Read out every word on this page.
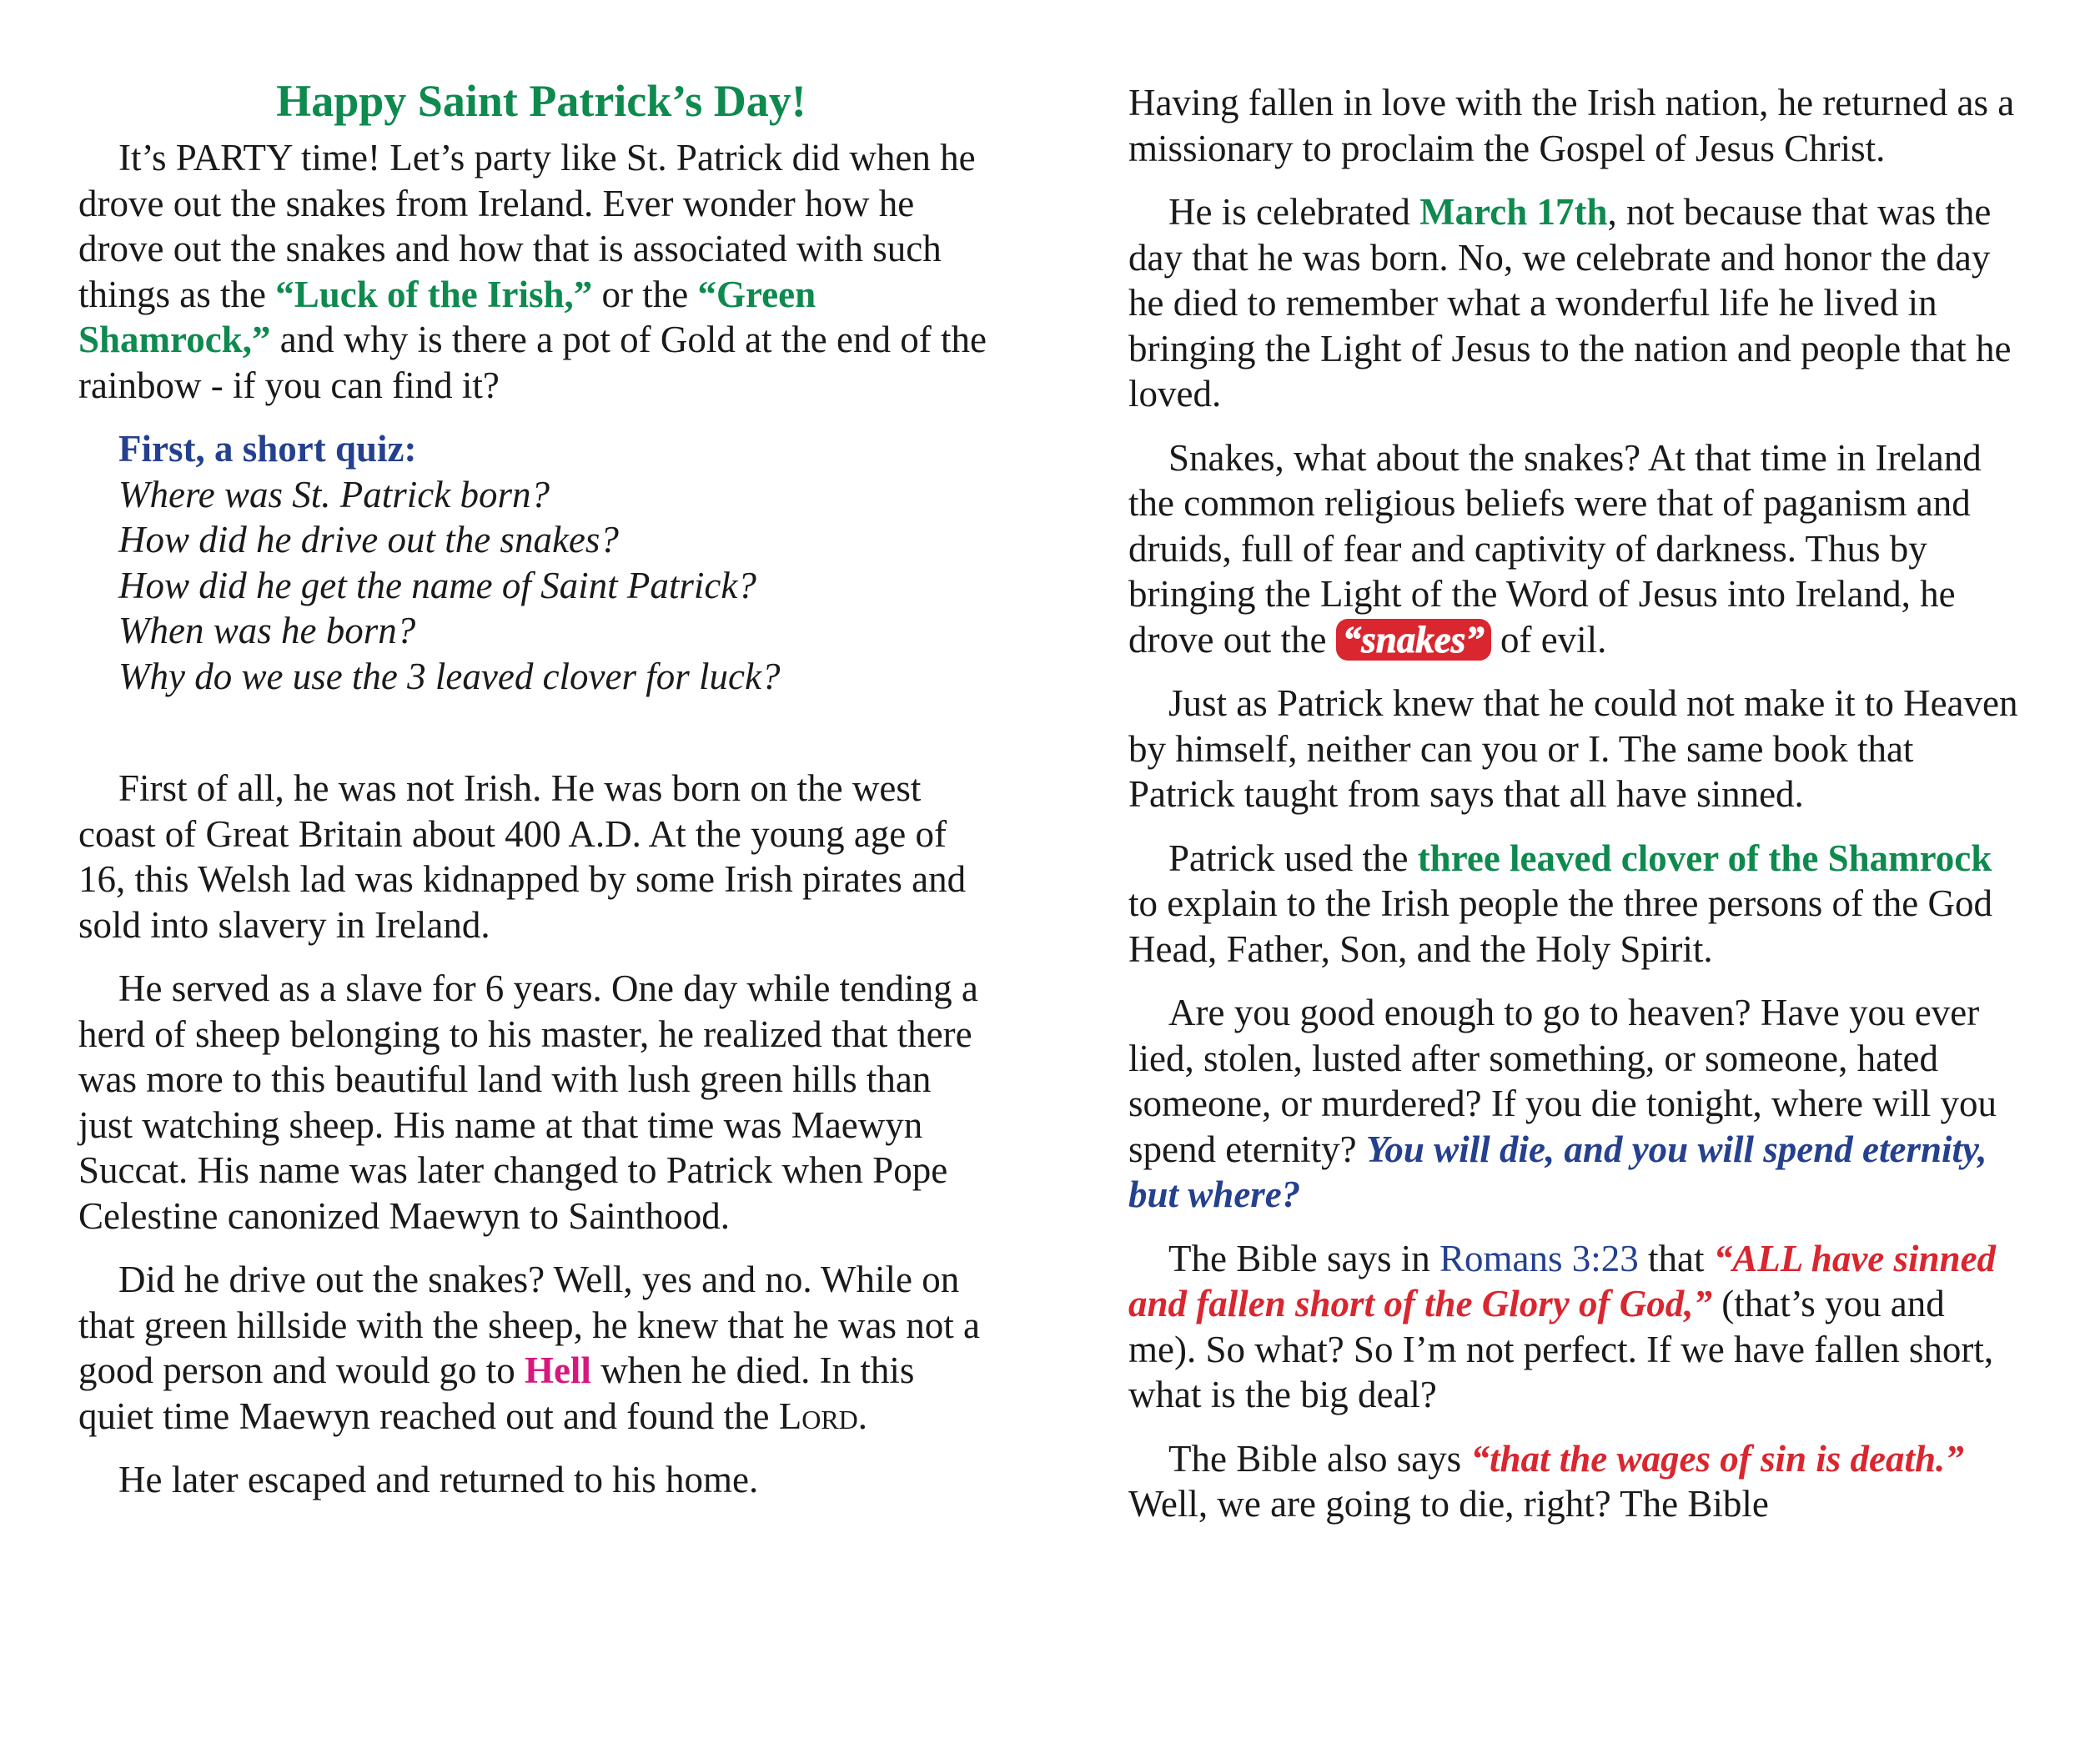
Happy Saint Patrick’s Day!

It’s PARTY time! Let’s party like St. Patrick did when he drove out the snakes from Ireland. Ever wonder how he drove out the snakes and how that is associated with such things as the “Luck of the Irish,” or the “Green Shamrock,” and why is there a pot of Gold at the end of the rainbow - if you can find it?

First, a short quiz:
Where was St. Patrick born?
How did he drive out the snakes?
How did he get the name of Saint Patrick?
When was he born?
Why do we use the 3 leaved clover for luck?

First of all, he was not Irish. He was born on the west coast of Great Britain about 400 A.D. At the young age of 16, this Welsh lad was kidnapped by some Irish pirates and sold into slavery in Ireland.

He served as a slave for 6 years. One day while tending a herd of sheep belonging to his master, he realized that there was more to this beautiful land with lush green hills than just watching sheep. His name at that time was Maewyn Succat. His name was later changed to Patrick when Pope Celestine canonized Maewyn to Sainthood.

Did he drive out the snakes? Well, yes and no. While on that green hillside with the sheep, he knew that he was not a good person and would go to Hell when he died. In this quiet time Maewyn reached out and found the Lord.

He later escaped and returned to his home.

Having fallen in love with the Irish nation, he returned as a missionary to proclaim the Gospel of Jesus Christ.

He is celebrated March 17th, not because that was the day that he was born. No, we celebrate and honor the day he died to remember what a wonderful life he lived in bringing the Light of Jesus to the nation and people that he loved.

Snakes, what about the snakes? At that time in Ireland the common religious beliefs were that of paganism and druids, full of fear and captivity of darkness. Thus by bringing the Light of the Word of Jesus into Ireland, he drove out the “snakes” of evil.

Just as Patrick knew that he could not make it to Heaven by himself, neither can you or I. The same book that Patrick taught from says that all have sinned.

Patrick used the three leaved clover of the Shamrock to explain to the Irish people the three persons of the God Head, Father, Son, and the Holy Spirit.

Are you good enough to go to heaven? Have you ever lied, stolen, lusted after something, or someone, hated someone, or murdered? If you die tonight, where will you spend eternity? You will die, and you will spend eternity, but where?

The Bible says in Romans 3:23 that “ALL have sinned and fallen short of the Glory of God,” (that’s you and me). So what? So I’m not perfect. If we have fallen short, what is the big deal?

The Bible also says “that the wages of sin is death.” Well, we are going to die, right? The Bible
